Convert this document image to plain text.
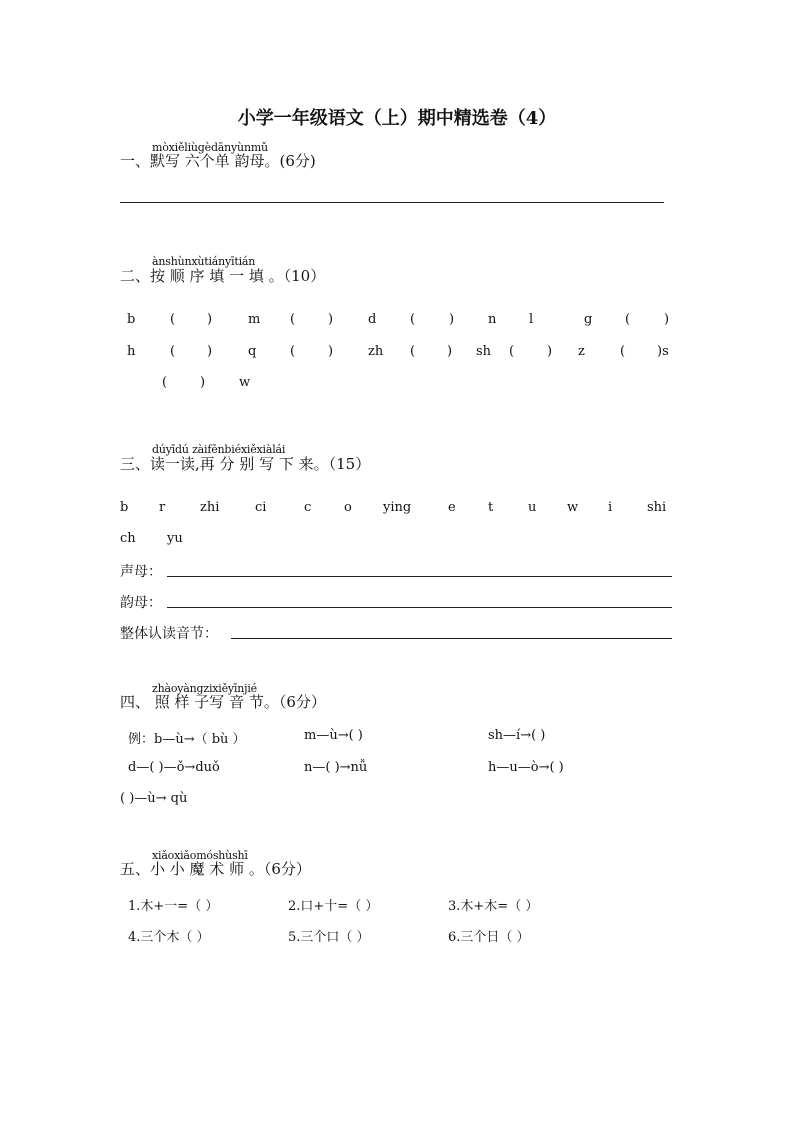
小学一年级语文（上）期中精选卷（4）
mòxiěliùgèdānyùnmǔ
一、默写 六个单 韵母。(6分)
ànshùnxùtiányītián
二、按 顺 序 填 一 填 。（10）
b	( )	m (	)	d	(	)	n	l	g	(	)
h	( )	q	(	)	zh ( ) sh (	) z	( )s
(	)	w
dúyīdú zàifēnbiéxiěxiàlái
三、读一读,再 分 别 写 下 来。（15）
b r	zhi	ci	c	o ying	e t	u w i	shi
ch yu
声母：
韵母：
整体认读音节：
zhàoyàngzixiěyīnjié
四、 照 样 子写 音 节。（6分）
例：b—ù→（ bù ）	m—ù→( )	sh—í→( )
d—( )—ǒ→duǒ	n—( )→nǚ	h—u—ò→( )
( )—ù→ qù
xiǎoxiǎomóshùshī
五、小 小 魔 术 师 。（6分）
1.木+一=（ ）	2.口+十=（ ）	3.木+木=（ ）
4.三个木（ ）	5.三个口（ ）	6.三个日（ ）
